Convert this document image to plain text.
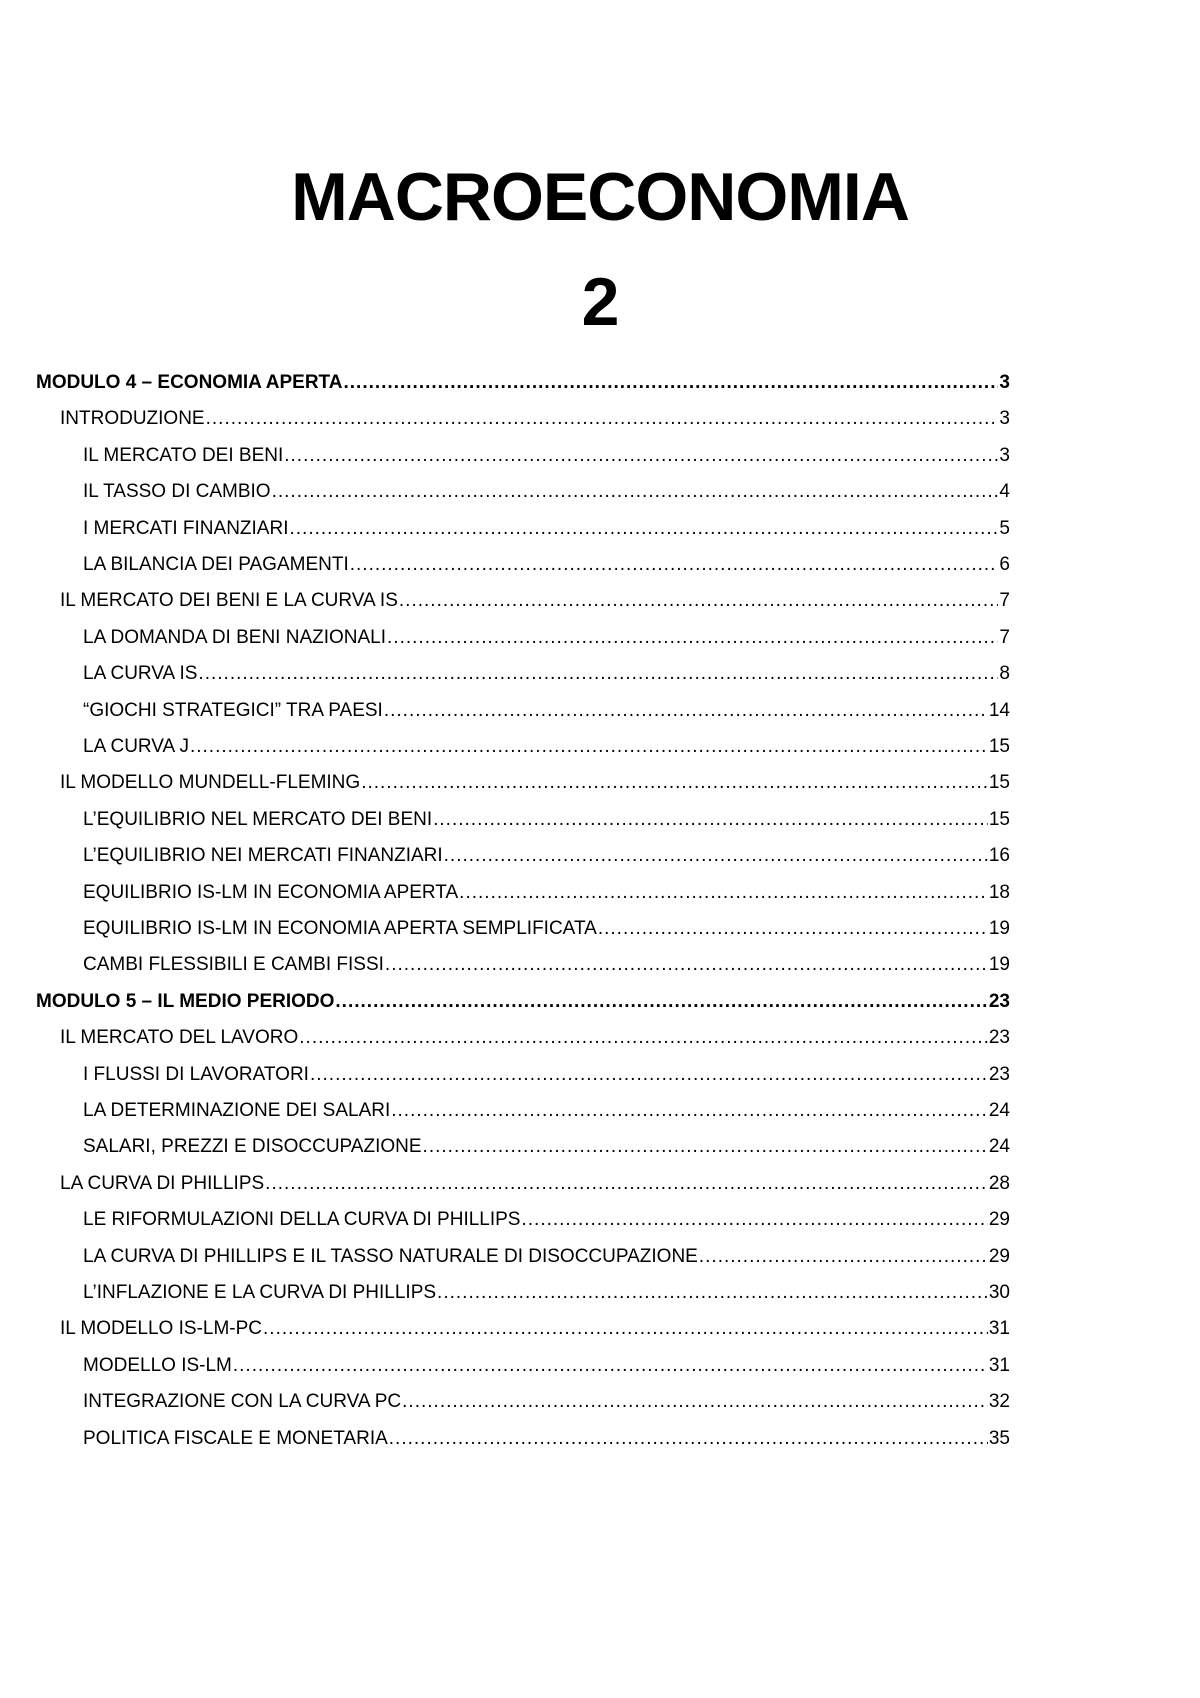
MACROECONOMIA
2
MODULO 4 – ECONOMIA APERTA .....	3
INTRODUZIONE .....	3
IL MERCATO DEI BENI .....	3
IL TASSO DI CAMBIO .....	4
I MERCATI FINANZIARI .....	5
LA BILANCIA DEI PAGAMENTI .....	6
IL MERCATO DEI BENI E LA CURVA IS .....	7
LA DOMANDA DI BENI NAZIONALI .....	7
LA CURVA IS .....	8
“GIOCHI STRATEGICI” TRA PAESI .....	14
LA CURVA J .....	15
IL MODELLO MUNDELL-FLEMING .....	15
L’EQUILIBRIO NEL MERCATO DEI BENI .....	15
L’EQUILIBRIO NEI MERCATI FINANZIARI .....	16
EQUILIBRIO IS-LM IN ECONOMIA APERTA .....	18
EQUILIBRIO IS-LM IN ECONOMIA APERTA SEMPLIFICATA .....	19
CAMBI FLESSIBILI E CAMBI FISSI .....	19
MODULO 5 – IL MEDIO PERIODO .....	23
IL MERCATO DEL LAVORO .....	23
I FLUSSI DI LAVORATORI .....	23
LA DETERMINAZIONE DEI SALARI .....	24
SALARI, PREZZI E DISOCCUPAZIONE .....	24
LA CURVA DI PHILLIPS .....	28
LE RIFORMULAZIONI DELLA CURVA DI PHILLIPS .....	29
LA CURVA DI PHILLIPS E IL TASSO NATURALE DI DISOCCUPAZIONE .....	29
L’INFLAZIONE E LA CURVA DI PHILLIPS .....	30
IL MODELLO IS-LM-PC .....	31
MODELLO IS-LM .....	31
INTEGRAZIONE CON LA CURVA PC .....	32
POLITICA FISCALE E MONETARIA .....	35
